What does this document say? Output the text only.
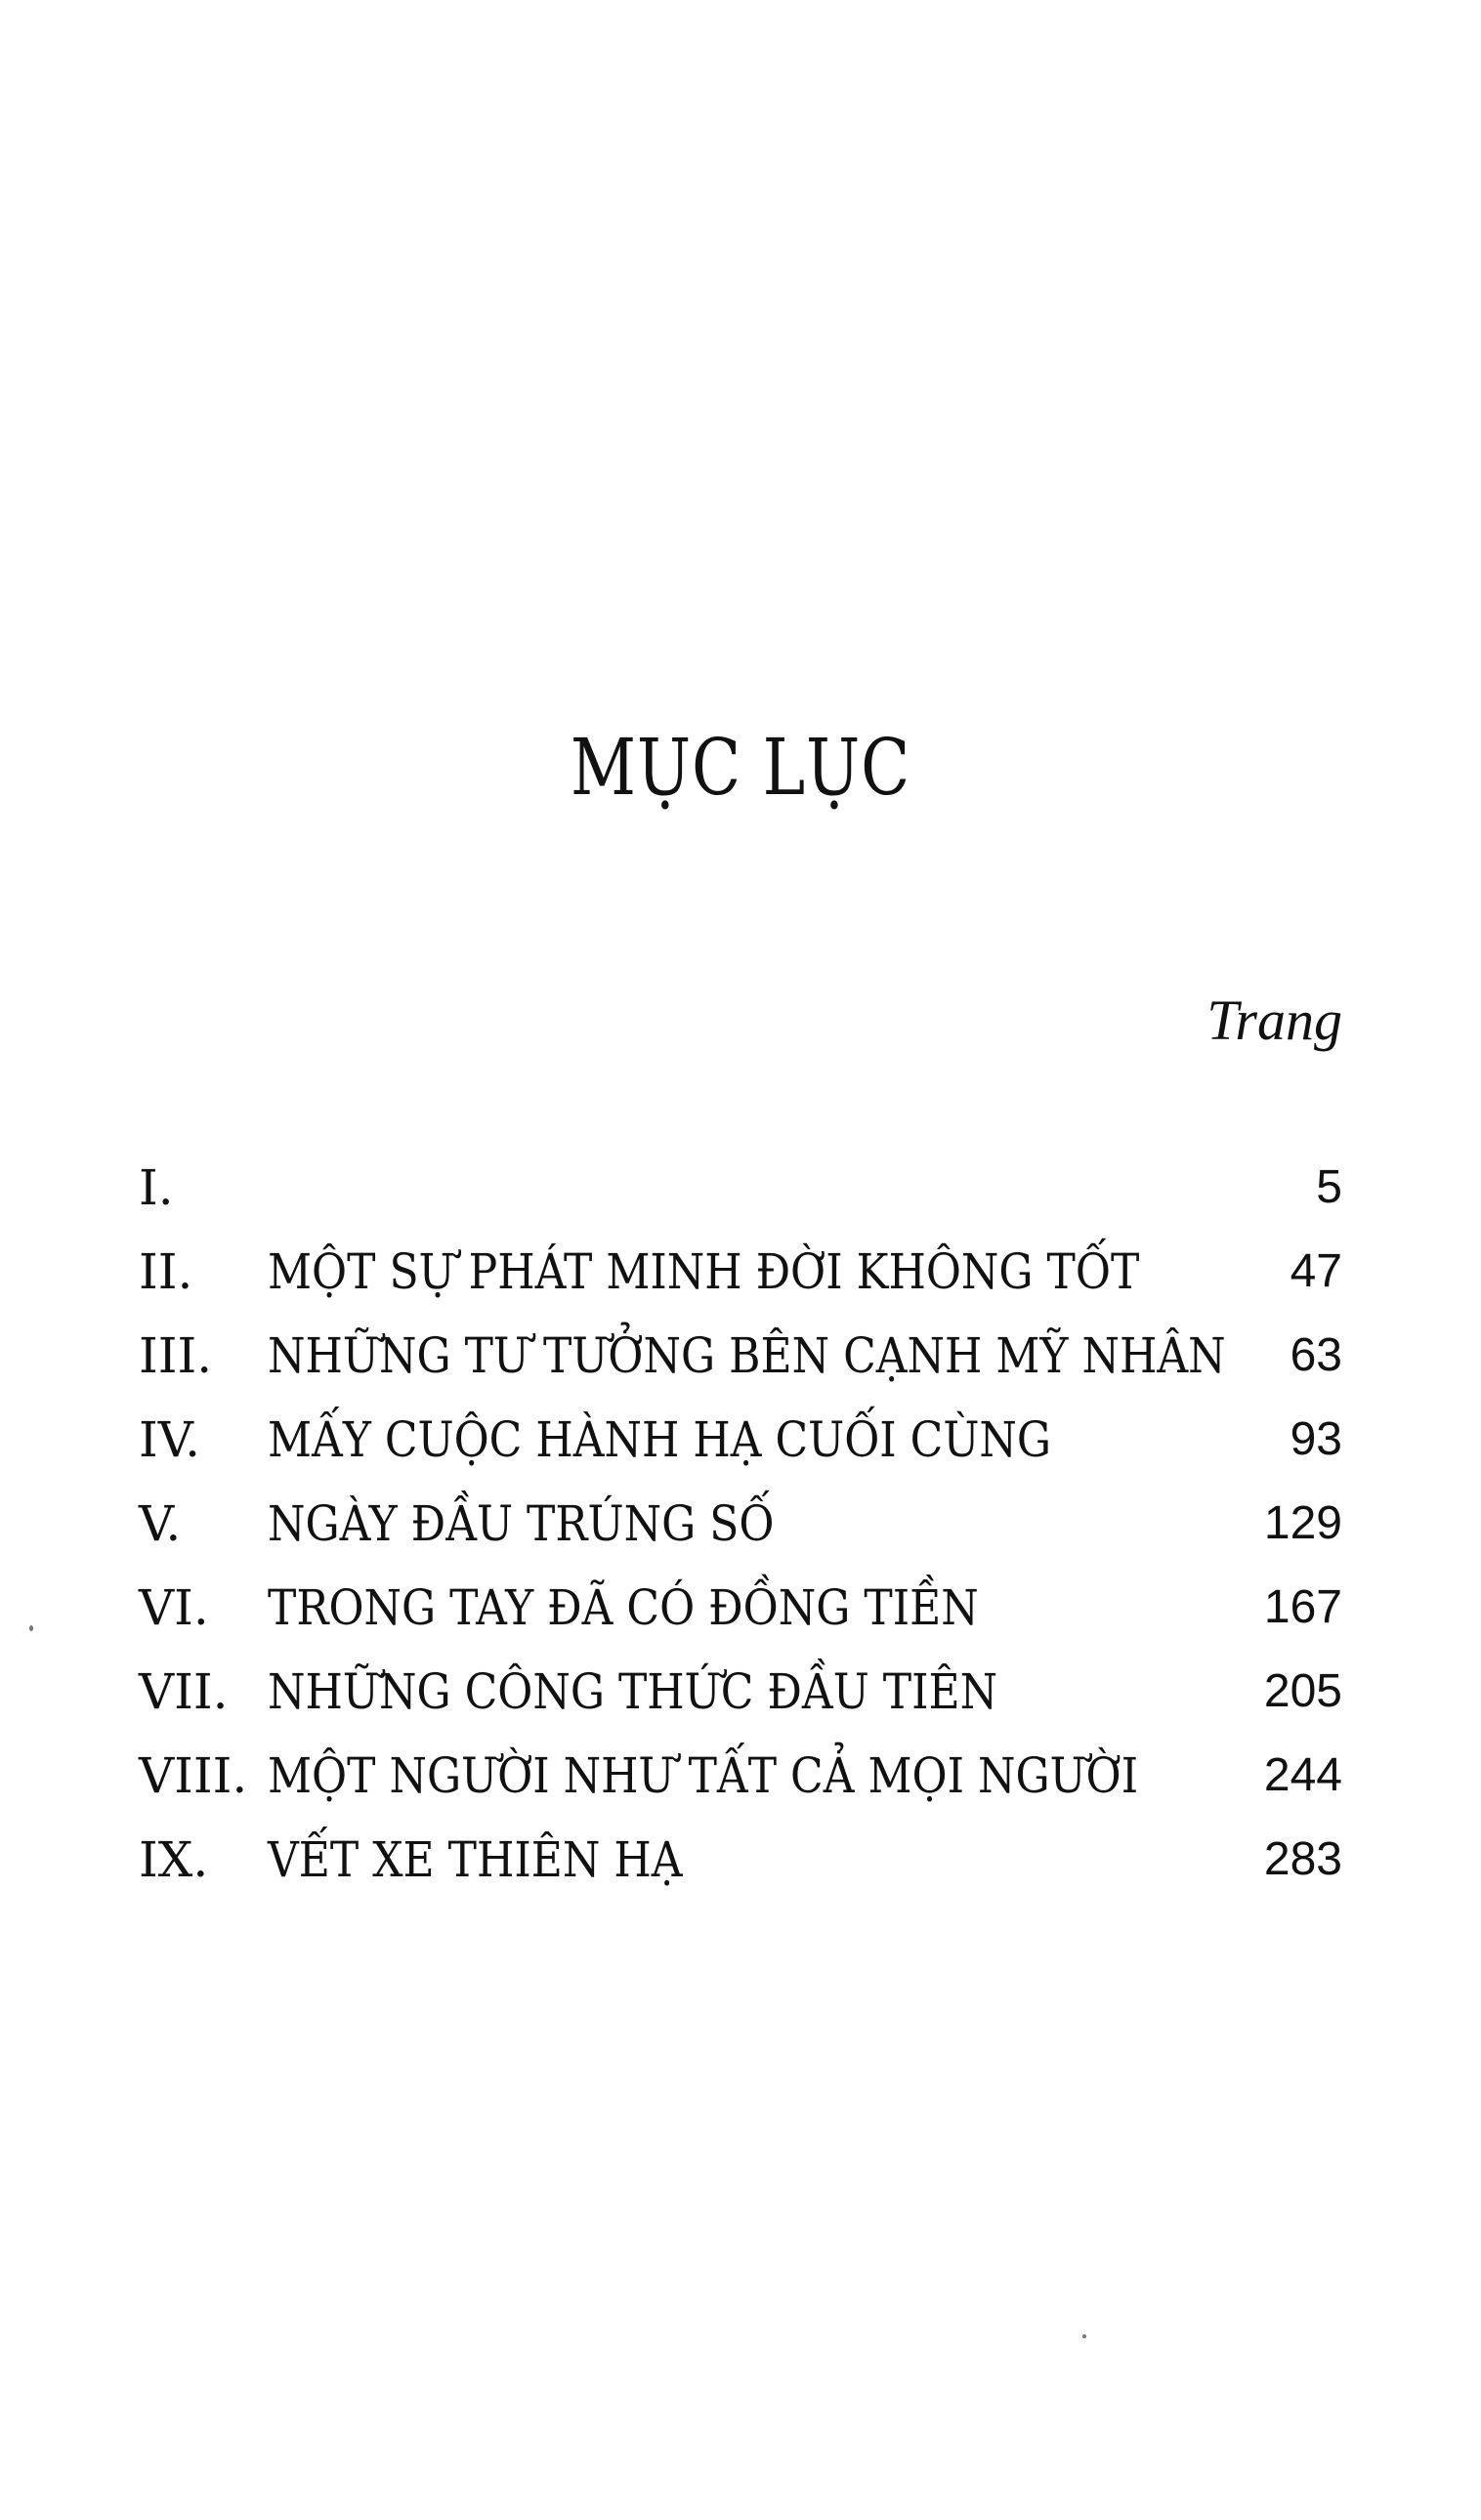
MỤC LỤC
Trang
I.	5
II. MỘT SỰ PHÁT MINH ĐỜI KHÔNG TỐT	47
III. NHỮNG TƯ TƯỞNG BÊN CẠNH MỸ NHÂN 63
IV. MẤY CUỘC HÀNH HẠ CUỐI CÙNG	93
V. NGÀY ĐẦU TRÚNG SỐ	129
VI. TRONG TAY ĐÃ CÓ ĐỒNG TIỀN	167
VII. NHỮNG CÔNG THỨC ĐẦU TIÊN	205
VIII. MỘT NGƯỜI NHƯ TẤT CẢ MỌI NGƯỜI	244
IX. VẾT XE THIÊN HẠ	283
